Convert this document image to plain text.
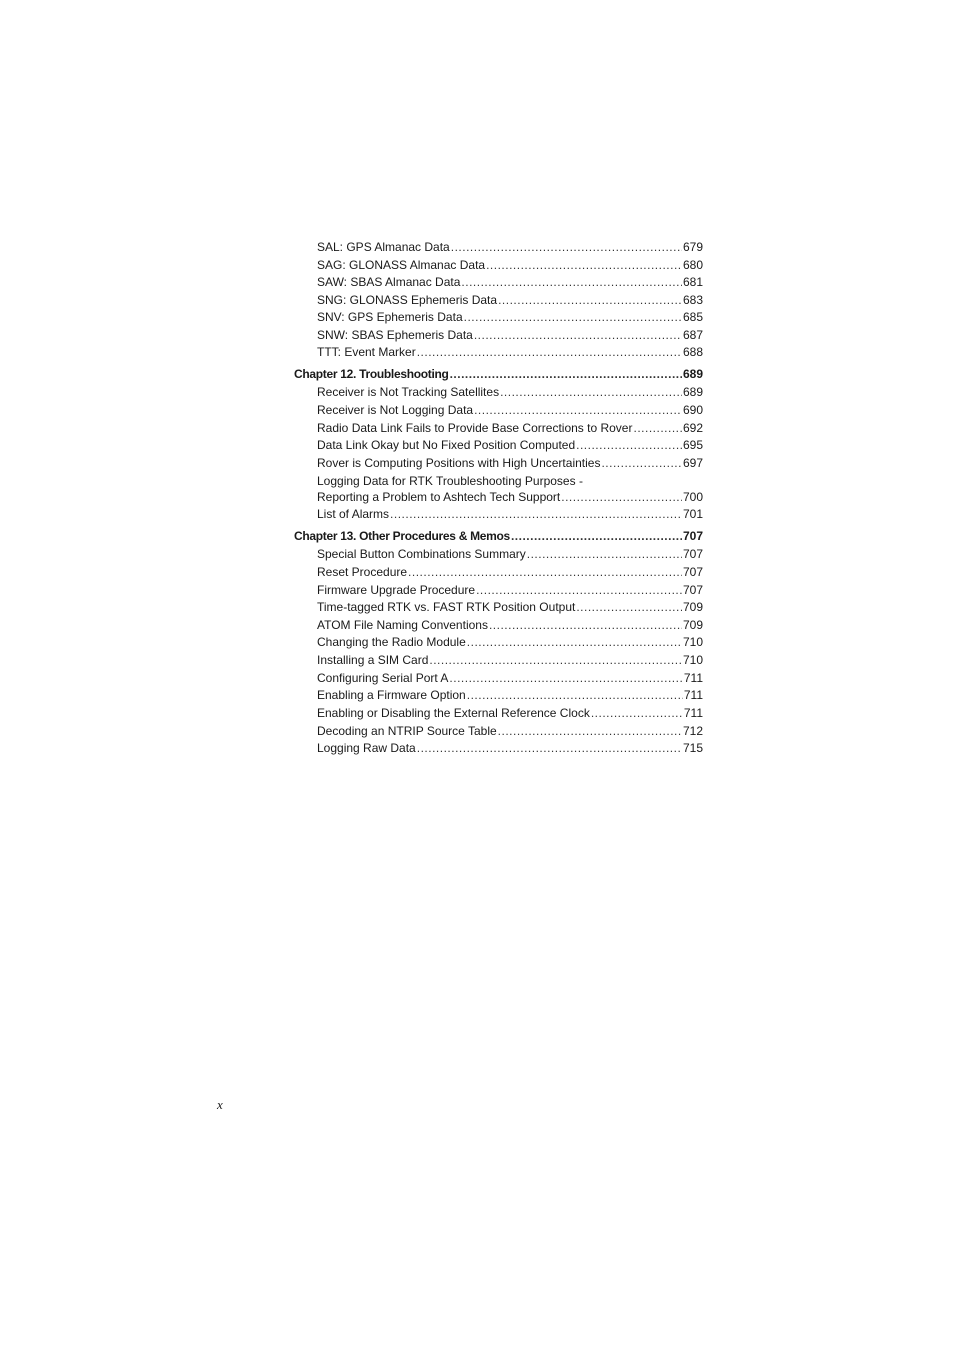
SAL: GPS Almanac Data .....	679
SAG: GLONASS Almanac Data .....	680
SAW: SBAS Almanac Data .....	681
SNG: GLONASS Ephemeris Data .....	683
SNV: GPS Ephemeris Data .....	685
SNW: SBAS Ephemeris Data .....	687
TTT: Event Marker .....	688
Chapter 12. Troubleshooting .....	689
Receiver is Not Tracking Satellites .....	689
Receiver is Not Logging Data .....	690
Radio Data Link Fails to Provide Base Corrections to Rover .....	692
Data Link Okay but No Fixed Position Computed .....	695
Rover is Computing Positions with High Uncertainties .....	697
Logging Data for RTK Troubleshooting Purposes -
Reporting a Problem to Ashtech Tech Support .....	700
List of Alarms .....	701
Chapter 13. Other Procedures & Memos .....	707
Special Button Combinations Summary .....	707
Reset Procedure .....	707
Firmware Upgrade Procedure .....	707
Time-tagged RTK vs. FAST RTK Position Output .....	709
ATOM File Naming Conventions .....	709
Changing the Radio Module .....	710
Installing a SIM Card .....	710
Configuring Serial Port A .....	711
Enabling a Firmware Option .....	711
Enabling or Disabling the External Reference Clock .....	711
Decoding an NTRIP Source Table .....	712
Logging Raw Data .....	715
x
